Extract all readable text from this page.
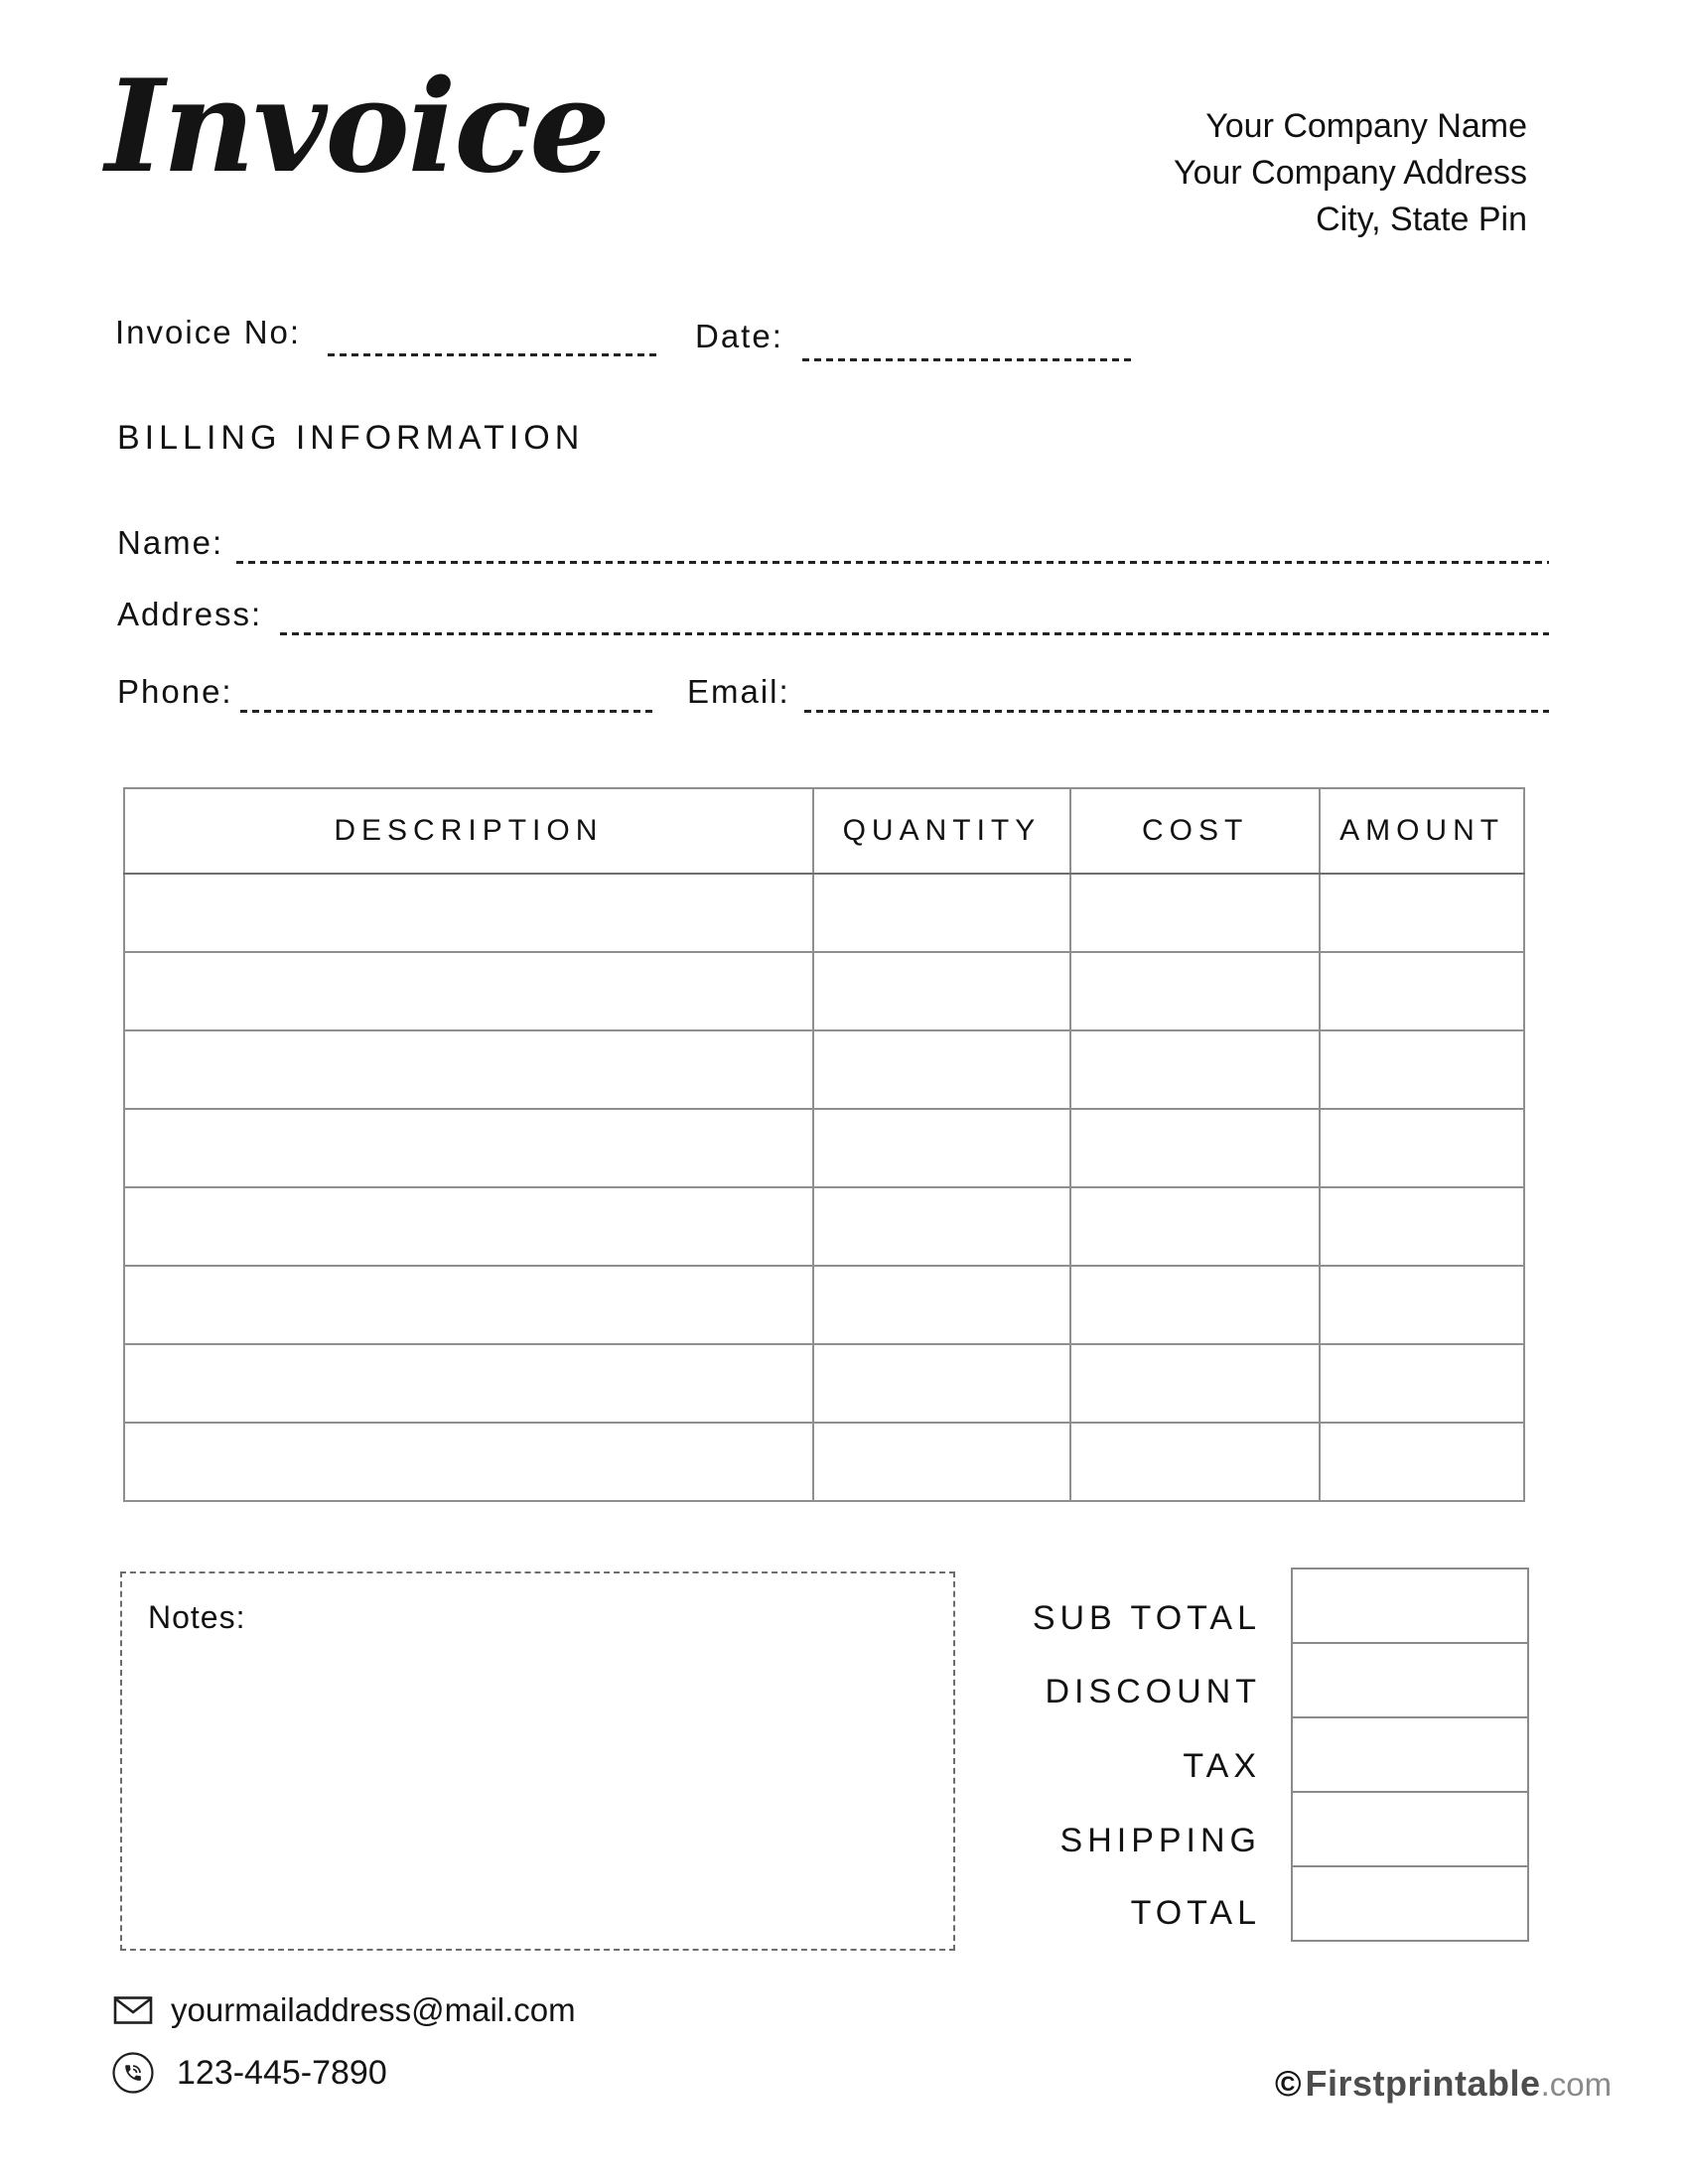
Invoice	Your Company Name
Your Company Address
City, State Pin
Invoice No:	Date:
BILLING INFORMATION
Name:
Address:
Phone:	Email:
DESCRIPTION	QUANTITY	COST	AMOUNT

Notes:	SUB TOTAL
DISCOUNT
TAX
SHIPPING
TOTAL
yourmailaddress@mail.com
123-445-7890	© Firstprintable .com
